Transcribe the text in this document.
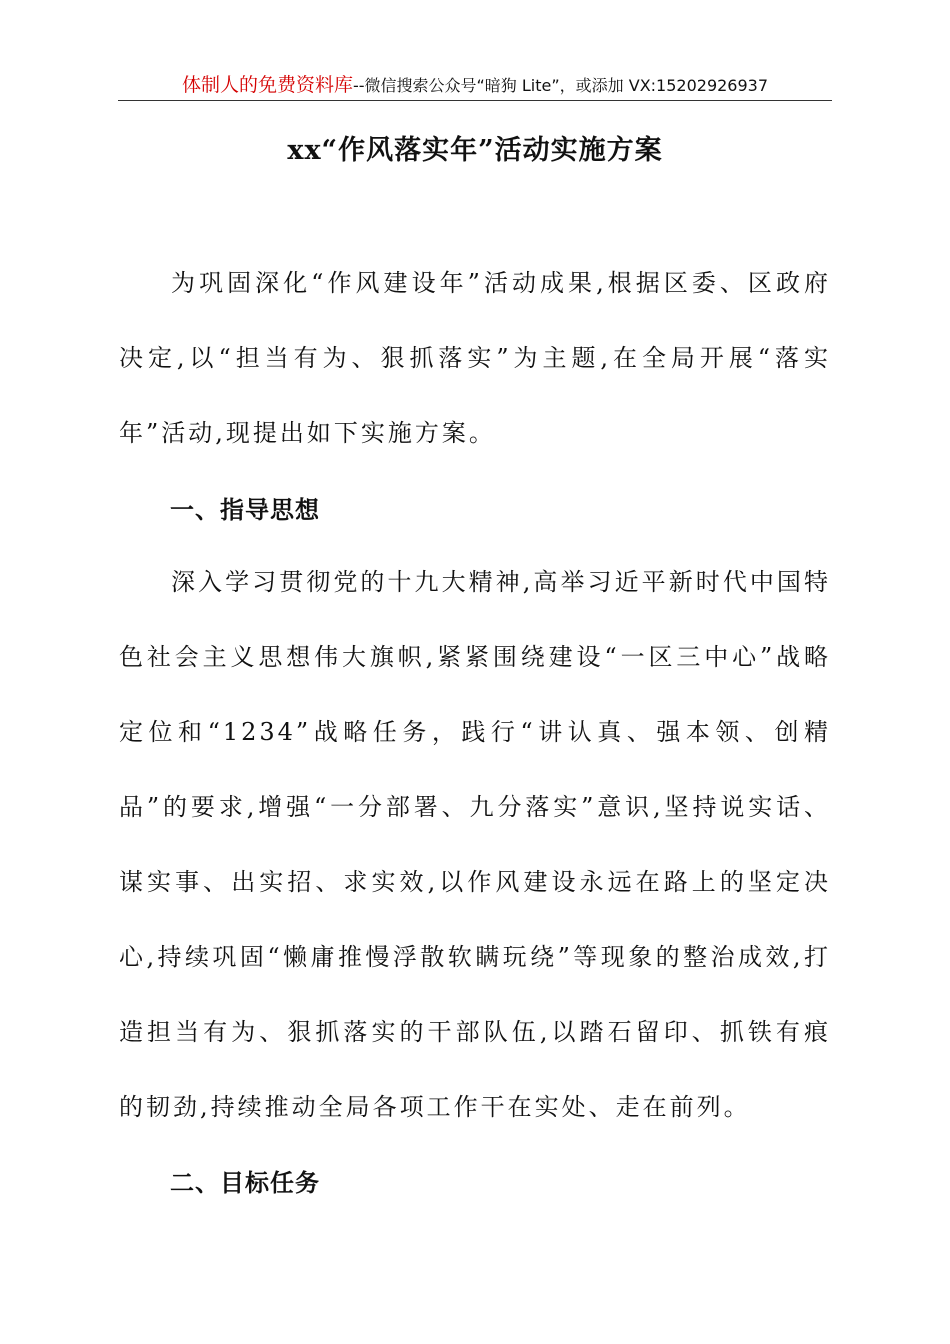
体制人的免费资料库--微信搜索公众号“暗狗 Lite”，或添加 VX:15202926937
xx“作风落实年”活动实施方案

为巩固深化“作风建设年”活动成果,根据区委、区政府决定,以“担当有为、狠抓落实”为主题,在全局开展“落实年”活动,现提出如下实施方案。

一、指导思想

深入学习贯彻党的十九大精神,高举习近平新时代中国特色社会主义思想伟大旗帜,紧紧围绕建设“一区三中心”战略定位和“1234”战略任务，践行“讲认真、强本领、创精品”的要求,增强“一分部署、九分落实”意识,坚持说实话、谋实事、出实招、求实效,以作风建设永远在路上的坚定决心,持续巩固“懒庸推慢浮散软瞒玩绕”等现象的整治成效,打造担当有为、狠抓落实的干部队伍,以踏石留印、抓铁有痕的韧劲,持续推动全局各项工作干在实处、走在前列。

二、目标任务
